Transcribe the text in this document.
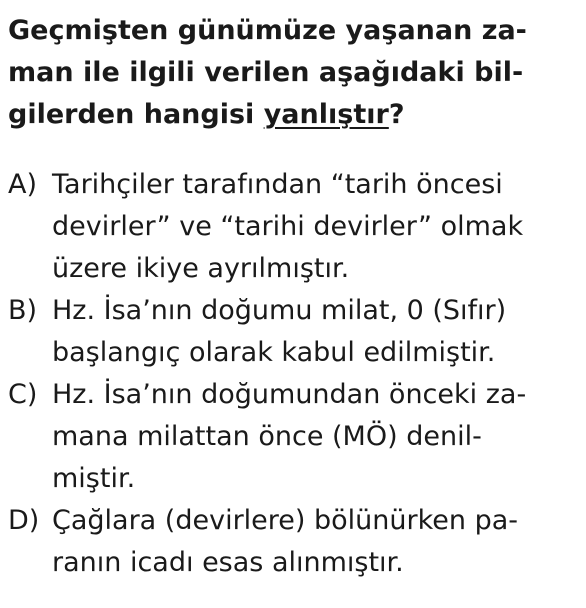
Geçmişten günümüze yaşanan za-
man ile ilgili verilen aşağıdaki bil-
gilerden hangisi yanlıştır?
A) Tarihçiler tarafından “tarih öncesi
devirler” ve “tarihi devirler” olmak
üzere ikiye ayrılmıştır.
B) Hz. İsa’nın doğumu milat, 0 (Sıfır)
başlangıç olarak kabul edilmiştir.
C) Hz. İsa’nın doğumundan önceki za-
mana milattan önce (MÖ) denil-
miştir.
D) Çağlara (devirlere) bölünürken pa-
ranın icadı esas alınmıştır.
